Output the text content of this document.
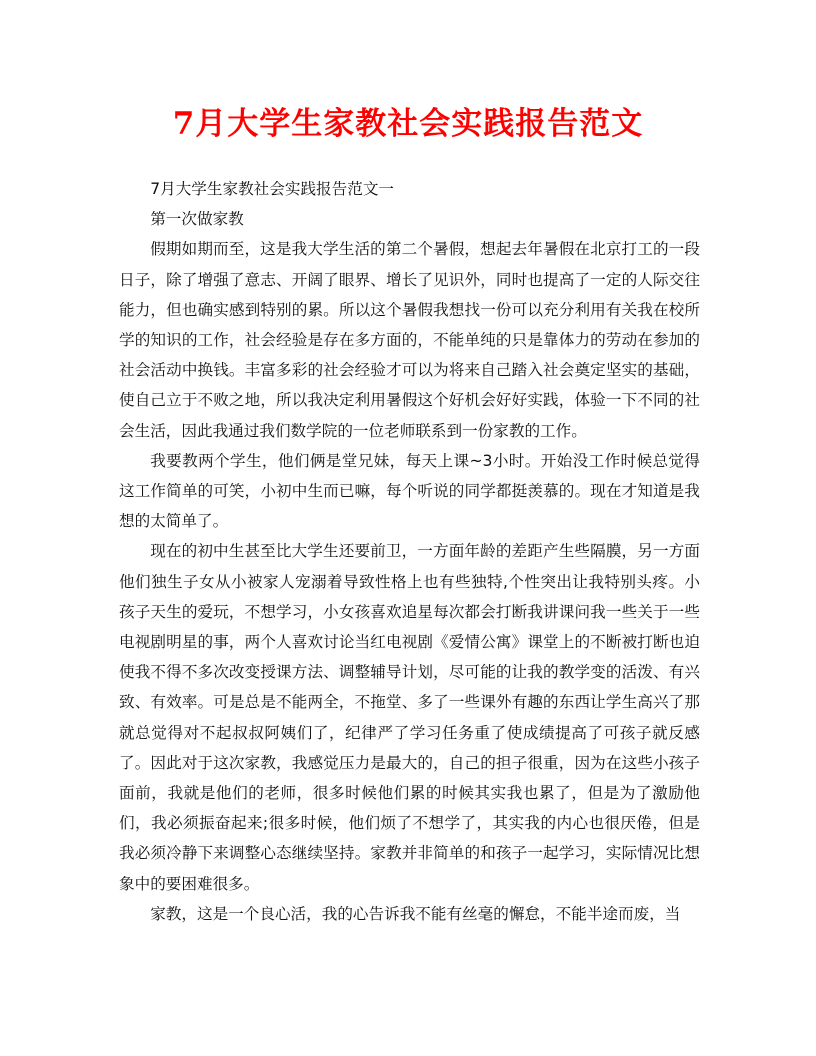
7月大学生家教社会实践报告范文

7月大学生家教社会实践报告范文一

第一次做家教

假期如期而至，这是我大学生活的第二个暑假，想起去年暑假在北京打工的一段日子，除了增强了意志、开阔了眼界、增长了见识外，同时也提高了一定的人际交往能力，但也确实感到特别的累。所以这个暑假我想找一份可以充分利用有关我在校所学的知识的工作，社会经验是存在多方面的，不能单纯的只是靠体力的劳动在参加的社会活动中换钱。丰富多彩的社会经验才可以为将来自己踏入社会奠定坚实的基础，使自己立于不败之地，所以我决定利用暑假这个好机会好好实践，体验一下不同的社会生活，因此我通过我们数学院的一位老师联系到一份家教的工作。

我要教两个学生，他们俩是堂兄妹，每天上课~3小时。开始没工作时候总觉得这工作简单的可笑，小初中生而已嘛，每个听说的同学都挺羡慕的。现在才知道是我想的太简单了。

现在的初中生甚至比大学生还要前卫，一方面年龄的差距产生些隔膜，另一方面他们独生子女从小被家人宠溺着导致性格上也有些独特,个性突出让我特别头疼。小孩子天生的爱玩，不想学习，小女孩喜欢追星每次都会打断我讲课问我一些关于一些电视剧明星的事，两个人喜欢讨论当红电视剧《爱情公寓》课堂上的不断被打断也迫使我不得不多次改变授课方法、调整辅导计划，尽可能的让我的教学变的活泼、有兴致、有效率。可是总是不能两全，不拖堂、多了一些课外有趣的东西让学生高兴了那就总觉得对不起叔叔阿姨们了，纪律严了学习任务重了使成绩提高了可孩子就反感了。因此对于这次家教，我感觉压力是最大的，自己的担子很重，因为在这些小孩子面前，我就是他们的老师，很多时候他们累的时候其实我也累了，但是为了激励他们，我必须振奋起来;很多时候，他们烦了不想学了，其实我的内心也很厌倦，但是我必须冷静下来调整心态继续坚持。家教并非简单的和孩子一起学习，实际情况比想象中的要困难很多。

家教，这是一个良心活，我的心告诉我不能有丝毫的懈怠，不能半途而废，当
